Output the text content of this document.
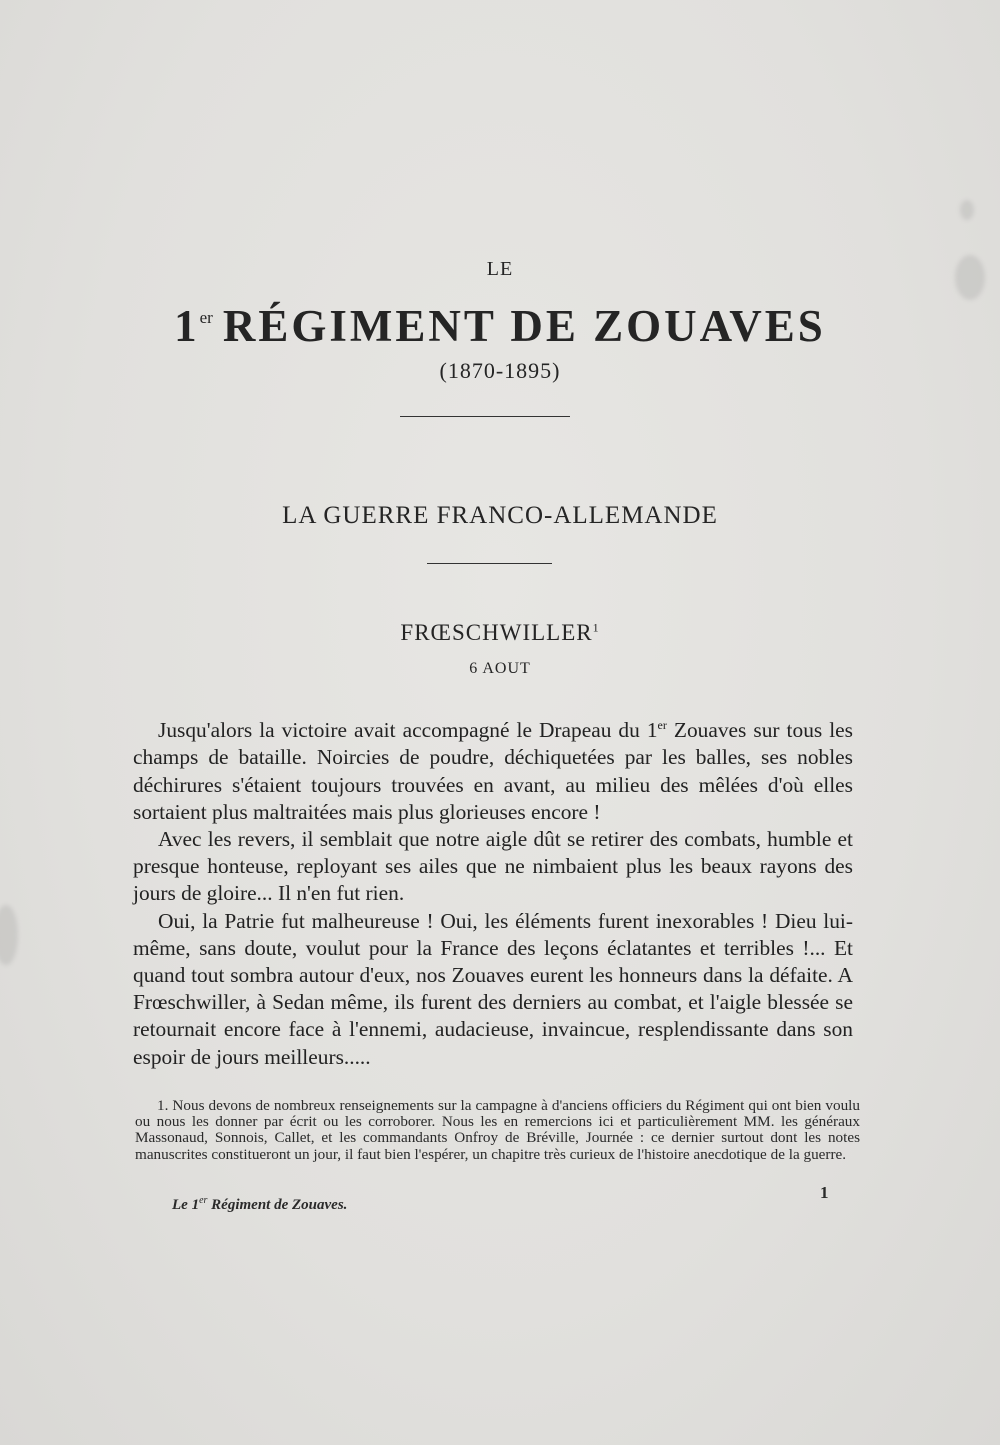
LE
1er RÉGIMENT DE ZOUAVES
(1870-1895)
LA GUERRE FRANCO-ALLEMANDE
FRŒSCHWILLER$^1$
6 AOUT

Jusqu'alors la victoire avait accompagné le Drapeau du 1er Zouaves sur tous les champs de bataille. Noircies de poudre, déchiquetées par les balles, ses nobles déchirures s'étaient toujours trouvées en avant, au milieu des mêlées d'où elles sortaient plus maltraitées mais plus glorieuses encore !

Avec les revers, il semblait que notre aigle dût se retirer des combats, humble et presque honteuse, reployant ses ailes que ne nimbaient plus les beaux rayons des jours de gloire... Il n'en fut rien.

Oui, la Patrie fut malheureuse ! Oui, les éléments furent inexorables ! Dieu lui-même, sans doute, voulut pour la France des leçons éclatantes et terribles !... Et quand tout sombra autour d'eux, nos Zouaves eurent les honneurs dans la défaite. A Frœschwiller, à Sedan même, ils furent des derniers au combat, et l'aigle blessée se retournait encore face à l'ennemi, audacieuse, invaincue, resplendissante dans son espoir de jours meilleurs.....

1. Nous devons de nombreux renseignements sur la campagne à d'anciens officiers du Régiment qui ont bien voulu ou nous les donner par écrit ou les corroborer. Nous les en remercions ici et particulièrement MM. les généraux Massonaud, Sonnois, Callet, et les commandants Onfroy de Bréville, Journée : ce dernier surtout dont les notes manuscrites constitueront un jour, il faut bien l'espérer, un chapitre très curieux de l'histoire anecdotique de la guerre.

Le 1er Régiment de Zouaves.
1
